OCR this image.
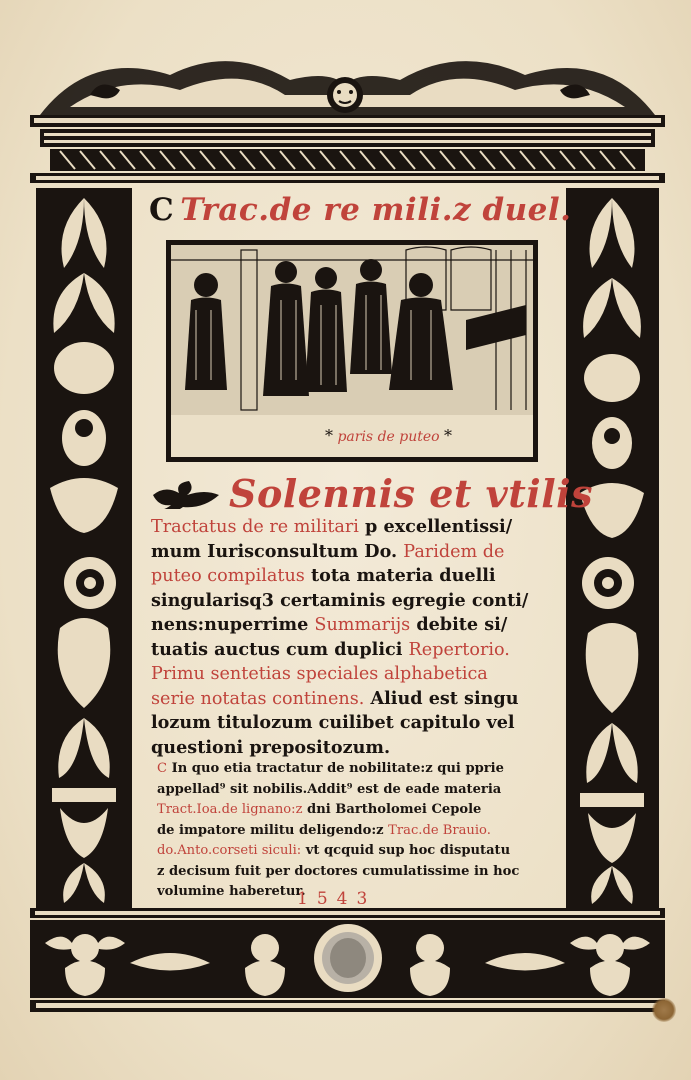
C Trac.de re mili.z duel.
* paris de puteo *
Solennis et vtilis
Tractatus de re militari p excellentissi/
mum Iurisconsultum Do. Paridem de
puteo compilatus tota materia duelli
singularisq3 certaminis egregie conti/
nens:nuperrime Summarijs debite si/
tuatis auctus cum duplici Repertorio.
Primu sentetias speciales alphabetica
serie notatas continens. Aliud est singu
lozum titulozum cuilibet capitulo vel
questioni prepositozum.
C In quo etia tractatur de nobilitate:z qui pprie
appellad⁹ sit nobilis.Addit⁹ est de eade materia
Tract.Ioa.de lignano:z dni Bartholomei Cepole
de impatore militu deligendo:z Trac.de Brauio.
do.Anto.corseti siculi: vt qcquid sup hoc disputatu
z decisum fuit per doctores cumulatissime in hoc
volumine haberetur.
1543
